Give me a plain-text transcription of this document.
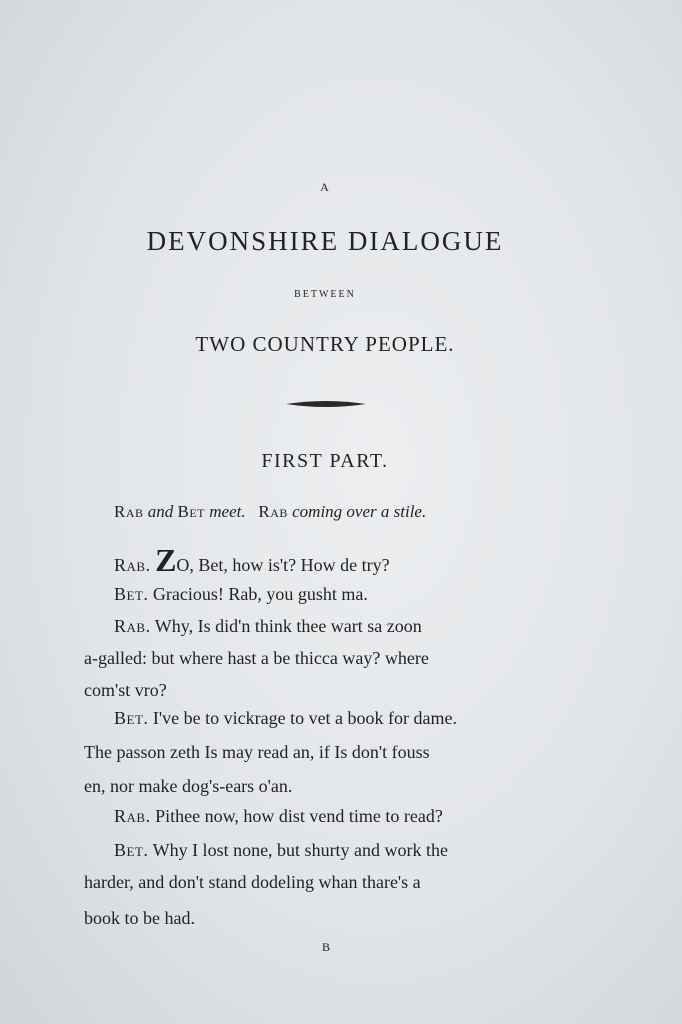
A
DEVONSHIRE DIALOGUE
BETWEEN
TWO COUNTRY PEOPLE.
FIRST PART.
Rab and Bet meet. Rab coming over a stile.
Rab. ZO, Bet, how is't? How de try?
Bet. Gracious! Rab, you gusht ma.
Rab. Why, Is did'n think thee wart sa zoon
a-galled: but where hast a be thicca way? where
com'st vro?
Bet. I've be to vickrage to vet a book for dame.
The passon zeth Is may read an, if Is don't fouss
en, nor make dog's-ears o'an.
Rab. Pithee now, how dist vend time to read?
Bet. Why I lost none, but shurty and work the
harder, and don't stand dodeling whan thare's a
book to be had.
B
